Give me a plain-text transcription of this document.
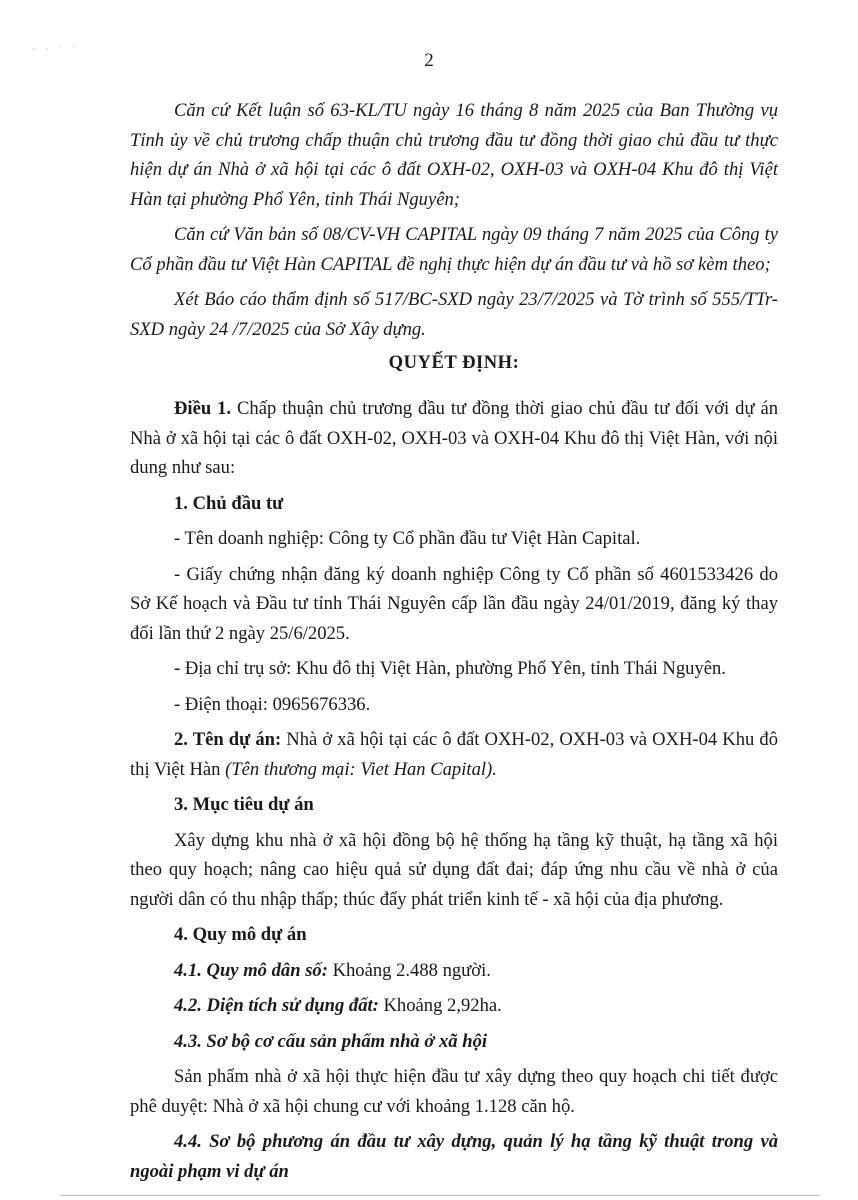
· · ˙ ˈ
2

Căn cứ Kết luận số 63-KL/TU ngày 16 tháng 8 năm 2025 của Ban Thường vụ Tỉnh ủy về chủ trương chấp thuận chủ trương đầu tư đồng thời giao chủ đầu tư thực hiện dự án Nhà ở xã hội tại các ô đất OXH-02, OXH-03 và OXH-04 Khu đô thị Việt Hàn tại phường Phổ Yên, tỉnh Thái Nguyên;

Căn cứ Văn bản số 08/CV-VH CAPITAL ngày 09 tháng 7 năm 2025 của Công ty Cổ phần đầu tư Việt Hàn CAPITAL đề nghị thực hiện dự án đầu tư và hồ sơ kèm theo;

Xét Báo cáo thẩm định số 517/BC-SXD ngày 23/7/2025 và Tờ trình số 555/TTr-SXD ngày 24 /7/2025 của Sở Xây dựng.

QUYẾT ĐỊNH:

Điều 1. Chấp thuận chủ trương đầu tư đồng thời giao chủ đầu tư đối với dự án Nhà ở xã hội tại các ô đất OXH-02, OXH-03 và OXH-04 Khu đô thị Việt Hàn, với nội dung như sau:

1. Chủ đầu tư

- Tên doanh nghiệp: Công ty Cổ phần đầu tư Việt Hàn Capital.

- Giấy chứng nhận đăng ký doanh nghiệp Công ty Cổ phần số 4601533426 do Sở Kế hoạch và Đầu tư tỉnh Thái Nguyên cấp lần đầu ngày 24/01/2019, đăng ký thay đổi lần thứ 2 ngày 25/6/2025.

- Địa chỉ trụ sở: Khu đô thị Việt Hàn, phường Phổ Yên, tỉnh Thái Nguyên.

- Điện thoại: 0965676336.

2. Tên dự án: Nhà ở xã hội tại các ô đất OXH-02, OXH-03 và OXH-04 Khu đô thị Việt Hàn (Tên thương mại: Viet Han Capital).

3. Mục tiêu dự án

Xây dựng khu nhà ở xã hội đồng bộ hệ thống hạ tầng kỹ thuật, hạ tầng xã hội theo quy hoạch; nâng cao hiệu quả sử dụng đất đai; đáp ứng nhu cầu về nhà ở của người dân có thu nhập thấp; thúc đẩy phát triển kinh tế - xã hội của địa phương.

4. Quy mô dự án

4.1. Quy mô dân số: Khoảng 2.488 người.

4.2. Diện tích sử dụng đất: Khoảng 2,92ha.

4.3. Sơ bộ cơ cấu sản phẩm nhà ở xã hội

Sản phẩm nhà ở xã hội thực hiện đầu tư xây dựng theo quy hoạch chi tiết được phê duyệt: Nhà ở xã hội chung cư với khoảng 1.128 căn hộ.

4.4. Sơ bộ phương án đầu tư xây dựng, quản lý hạ tầng kỹ thuật trong và ngoài phạm vi dự án
